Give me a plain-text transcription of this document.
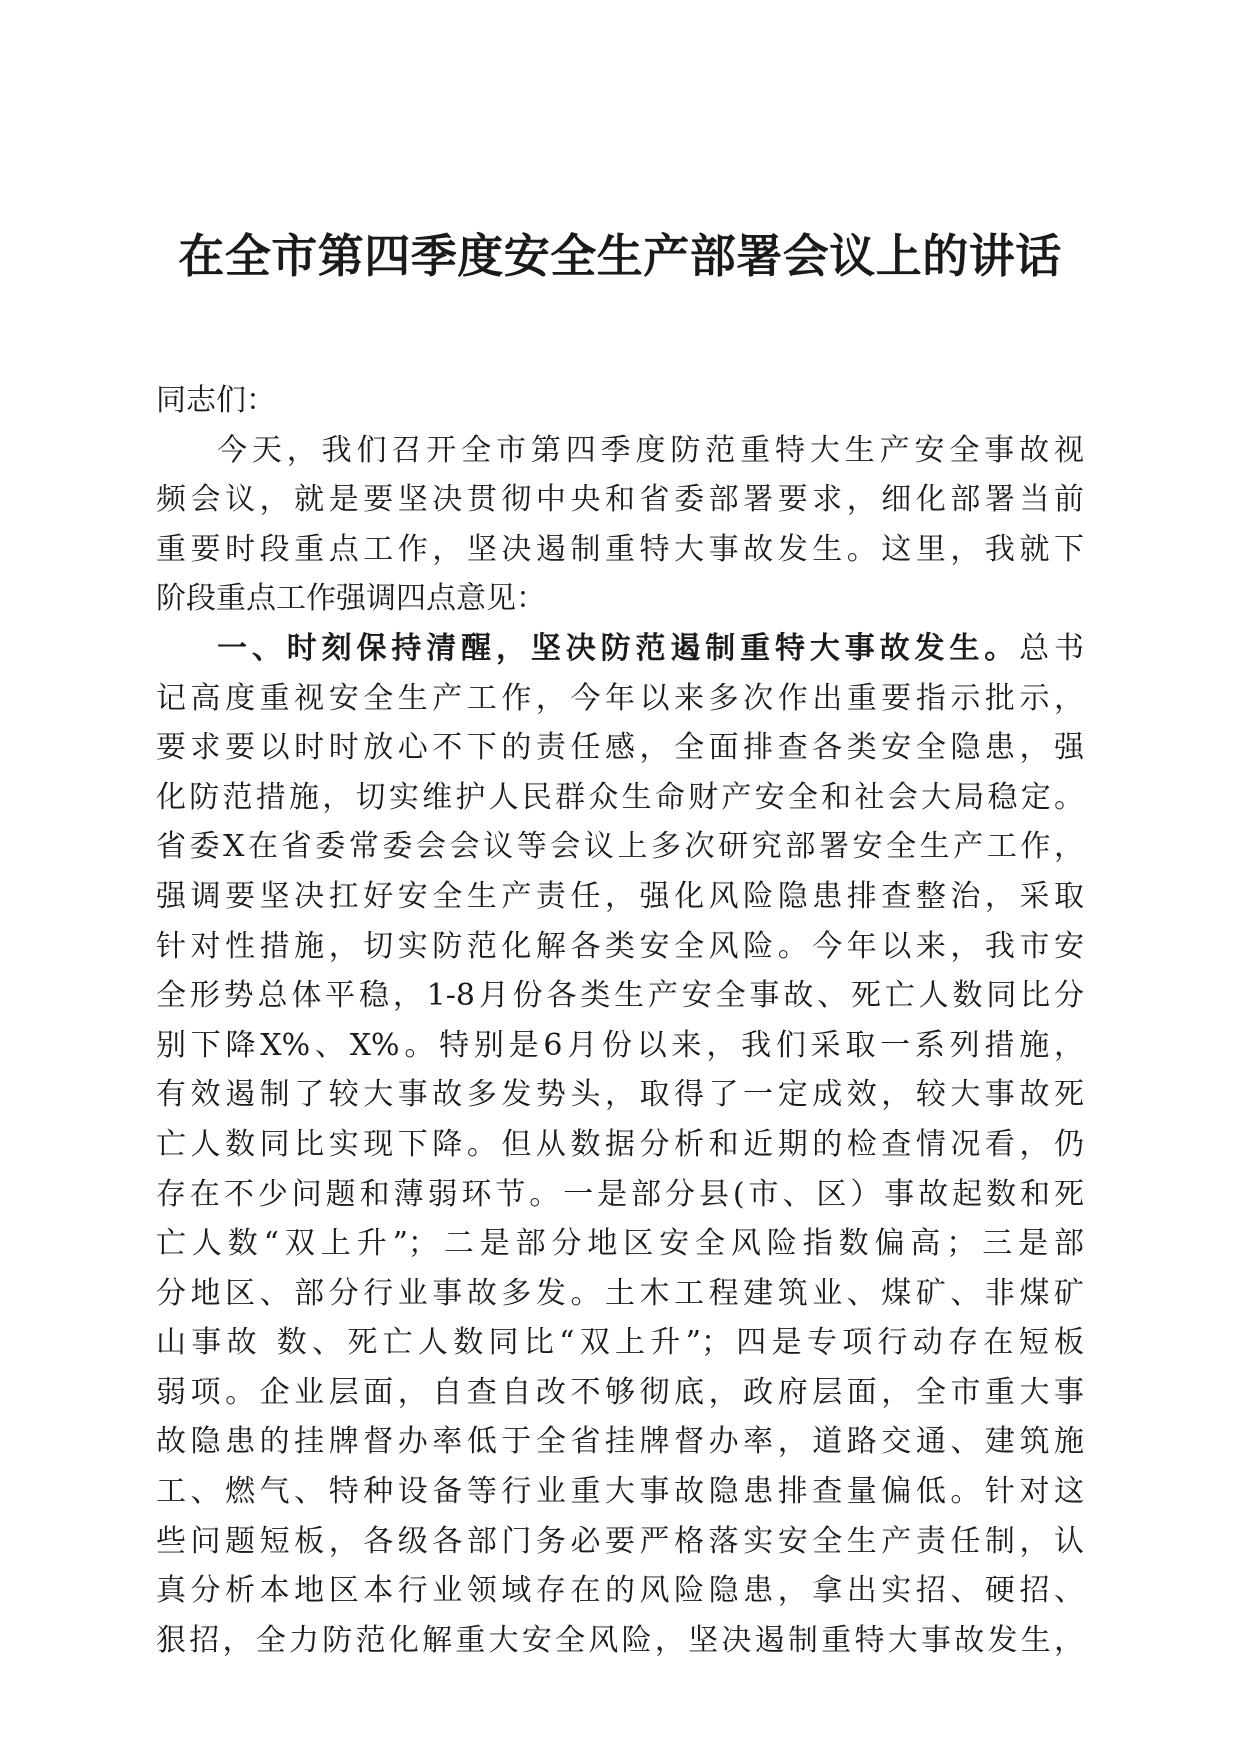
在全市第四季度安全生产部署会议上的讲话

同志们：

今天，我们召开全市第四季度防范重特大生产安全事故视
频会议，就是要坚决贯彻中央和省委部署要求，细化部署当前
重要时段重点工作，坚决遏制重特大事故发生。这里，我就下
阶段重点工作强调四点意见：

一、时刻保持清醒，坚决防范遏制重特大事故发生。总书
记高度重视安全生产工作，今年以来多次作出重要指示批示，
要求要以时时放心不下的责任感，全面排查各类安全隐患，强
化防范措施，切实维护人民群众生命财产安全和社会大局稳定。
省委X在省委常委会会议等会议上多次研究部署安全生产工作，
强调要坚决扛好安全生产责任，强化风险隐患排查整治，采取
针对性措施，切实防范化解各类安全风险。今年以来，我市安
全形势总体平稳，1-8月份各类生产安全事故、死亡人数同比分
别下降X%、X%。特别是6月份以来，我们采取一系列措施，
有效遏制了较大事故多发势头，取得了一定成效，较大事故死
亡人数同比实现下降。但从数据分析和近期的检查情况看，仍
存在不少问题和薄弱环节。一是部分县(市、区）事故起数和死
亡人数“双上升”；二是部分地区安全风险指数偏高；三是部
分地区、部分行业事故多发。土木工程建筑业、煤矿、非煤矿
山事故 数、死亡人数同比“双上升”；四是专项行动存在短板
弱项。企业层面，自查自改不够彻底，政府层面，全市重大事
故隐患的挂牌督办率低于全省挂牌督办率，道路交通、建筑施
工、燃气、特种设备等行业重大事故隐患排查量偏低。针对这
些问题短板，各级各部门务必要严格落实安全生产责任制，认
真分析本地区本行业领域存在的风险隐患，拿出实招、硬招、
狠招，全力防范化解重大安全风险，坚决遏制重特大事故发生，
